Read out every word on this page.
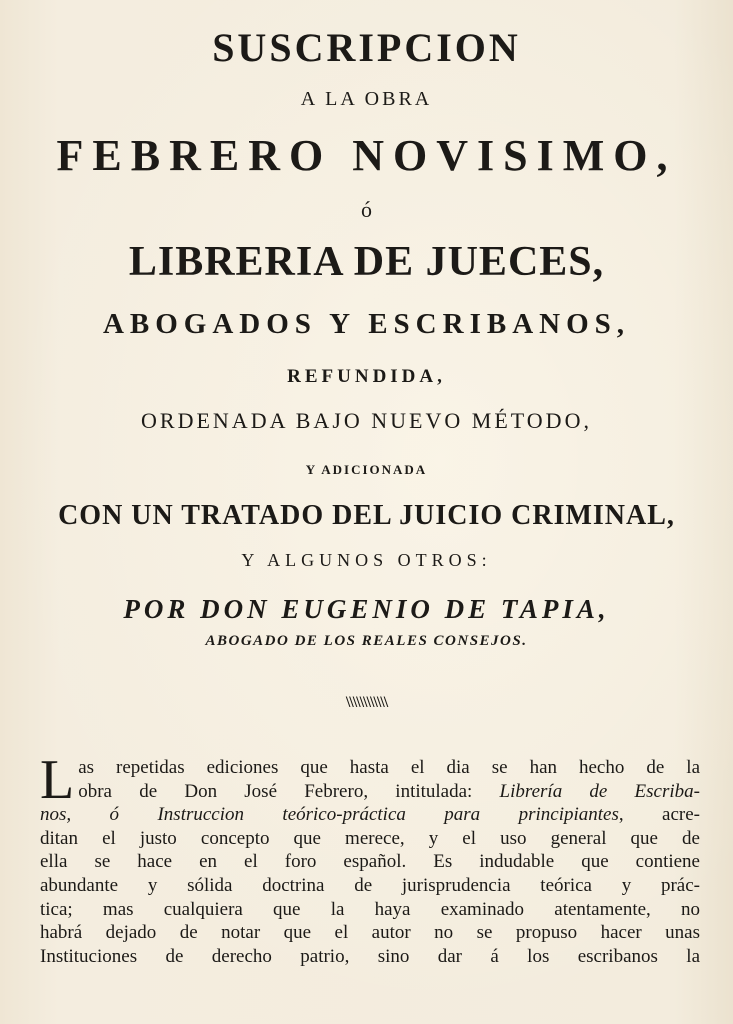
SUSCRIPCION
A LA OBRA
FEBRERO NOVISIMO,
ó
LIBRERIA DE JUECES,
ABOGADOS Y ESCRIBANOS,
REFUNDIDA,
ORDENADA BAJO NUEVO MÉTODO,
Y ADICIONADA
CON UN TRATADO DEL JUICIO CRIMINAL,
Y ALGUNOS OTROS:
POR DON EUGENIO DE TAPIA,
ABOGADO DE LOS REALES CONSEJOS.
\\\\\\\\\\\\
L as repetidas ediciones que hasta el dia se han hecho de la
obra de Don José Febrero, intitulada: Librería de Escriba-
nos, ó Instruccion teórico-práctica para principiantes, acre-
ditan el justo concepto que merece, y el uso general que de
ella se hace en el foro español. Es indudable que contiene
abundante y sólida doctrina de jurisprudencia teórica y prác-
tica; mas cualquiera que la haya examinado atentamente, no
habrá dejado de notar que el autor no se propuso hacer unas
Instituciones de derecho patrio, sino dar á los escribanos la
